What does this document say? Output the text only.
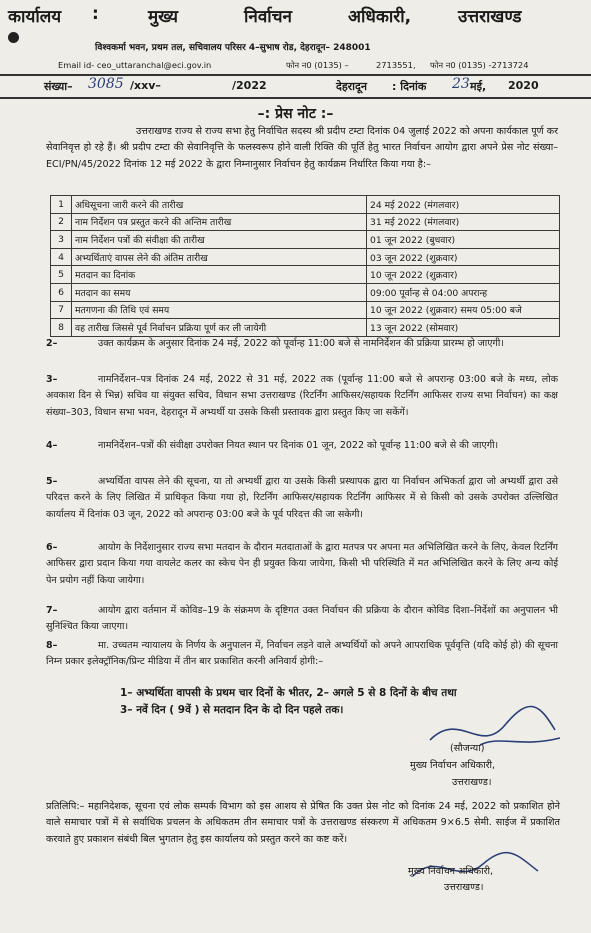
कार्यालय :	मुख्य	निर्वाचन	अधिकारी,	उत्तराखण्ड
विश्वकर्मा भवन, प्रथम तल, सचिवालय परिसर 4–सुभाष रोड, देहरादून– 248001
Email id- ceo_uttaranchal@eci.gov.in	फोन न0 (0135) –	2713551, फोन न0 (0135) -2713724
संख्या– 3085 /xxv–	/2022	देहरादून : दिनांक 23 मई, 2020
–: प्रेस नोट :–
उत्तराखण्ड राज्य से राज्य सभा हेतु निर्वाचित सदस्य श्री प्रदीप टम्टा दिनांक 04 जुलाई 2022 को अपना कार्यकाल पूर्ण कर सेवानिवृत्त हो रहे हैं। श्री प्रदीप टम्टा की सेवानिवृत्ति के फलस्वरूप होने वाली रिक्ति की पूर्ति हेतु भारत निर्वाचन आयोग द्वारा अपने प्रेस नोट संख्या–ECI/PN/45/2022 दिनांक 12 मई 2022 के द्वारा निम्नानुसार निर्वाचन हेतु कार्यक्रम निर्धारित किया गया है:–
1	अधिसूचना जारी करने की तारीख	24 मई 2022 (मंगलवार)
2	नाम निर्देशन पत्र प्रस्तुत करने की अन्तिम तारीख	31 मई 2022 (मंगलवार)
3	नाम निर्देशन पत्रों की संवीक्षा की तारीख	01 जून 2022 (बुधवार)
4	अभ्यर्थिताएं वापस लेने की अंतिम तारीख	03 जून 2022 (शुक्रवार)
5	मतदान का दिनांक	10 जून 2022 (शुक्रवार)
6	मतदान का समय	09:00 पूर्वान्ह से 04:00 अपरान्ह
7	मतगणना की तिथि एवं समय	10 जून 2022 (शुक्रवार) समय 05:00 बजे
8	वह तारीख जिससे पूर्व निर्वाचन प्रक्रिया पूर्ण कर ली जायेगी	13 जून 2022 (सोमवार)
2–	उक्त कार्यक्रम के अनुसार दिनांक 24 मई, 2022 को पूर्वान्ह 11:00 बजे से नामनिर्देशन की प्रक्रिया प्रारम्भ हो जाएगी।
3–	नामनिर्देशन–पत्र दिनांक 24 मई, 2022 से 31 मई, 2022 तक (पूर्वान्ह 11:00 बजे से अपरान्ह 03:00 बजे के मध्य, लोक अवकाश दिन से भिन्न) सचिव या संयुक्त सचिव, विधान सभा उत्तराखण्ड (रिटर्निंग आफिसर/सहायक रिटर्निंग आफिसर राज्य सभा निर्वाचन) का कक्ष संख्या–303, विधान सभा भवन, देहरादून में अभ्यर्थी या उसके किसी प्रस्तावक द्वारा प्रस्तुत किए जा सकेंगें।
4–	नामनिर्देशन–पत्रों की संवीक्षा उपरोक्त नियत स्थान पर दिनांक 01 जून, 2022 को पूर्वान्ह 11:00 बजे से की जाएगी।
5–	अभ्यर्थिता वापस लेने की सूचना, या तो अभ्यर्थी द्वारा या उसके किसी प्रस्थापक द्वारा या निर्वाचन अभिकर्ता द्वारा जो अभ्यर्थी द्वारा उसे परिदत्त करने के लिए लिखित में प्राधिकृत किया गया हो, रिटर्निंग आफिसर/सहायक रिटर्निंग आफिसर में से किसी को उसके उपरोक्त उल्लिखित कार्यालय में दिनांक 03 जून, 2022 को अपरान्ह 03:00 बजे के पूर्व परिदत्त की जा सकेगी।
6–	आयोग के निर्देशानुसार राज्य सभा मतदान के दौरान मतदाताओं के द्वारा मतपत्र पर अपना मत अभिलिखित करने के लिए, केवल रिटर्निंग आफिसर द्वारा प्रदान किया गया वायलेट कलर का स्केच पेन ही प्रयुक्त किया जायेगा, किसी भी परिस्थिति में मत अभिलिखित करने के लिए अन्य कोई पेन प्रयोग नहीं किया जायेगा।
7–	आयोग द्वारा वर्तमान में कोविड–19 के संक्रमण के दृष्टिगत उक्त निर्वाचन की प्रक्रिया के दौरान कोविड दिशा–निर्देशों का अनुपालन भी सुनिश्चित किया जाएगा।
8–	मा. उच्चतम न्यायालय के निर्णय के अनुपालन में, निर्वाचन लड़ने वाले अभ्यर्थियों को अपने आपराधिक पूर्ववृत्ति (यदि कोई हो) की सूचना निम्न प्रकार इलेक्ट्रॉनिक/प्रिन्ट मीडिया में तीन बार प्रकाशित करनी अनिवार्य होगी:–
1– अभ्यर्थिता वापसी के प्रथम चार दिनों के भीतर, 2– अगले 5 से 8 दिनों के बीच तथा
3– नवें दिन ( 9वें ) से मतदान दिन के दो दिन पहले तक।
(सौजन्या)
मुख्य निर्वाचन अधिकारी,
उत्तराखण्ड।
प्रतिलिपि:– महानिदेशक, सूचना एवं लोक सम्पर्क विभाग को इस आशय से प्रेषित कि उक्त प्रेस नोट को दिनांक 24 मई, 2022 को प्रकाशित होने वाले समाचार पत्रों में से सर्वाधिक प्रचलन के अधिकतम तीन समाचार पत्रों के उत्तराखण्ड संस्करण में अधिकतम 9×6.5 सेमी. साईज में प्रकाशित करवाते हुए प्रकाशन संबंधी बिल भुगतान हेतु इस कार्यालय को प्रस्तुत करने का कष्ट करें।
मुख्य निर्वाचन अधिकारी,
उत्तराखण्ड।
